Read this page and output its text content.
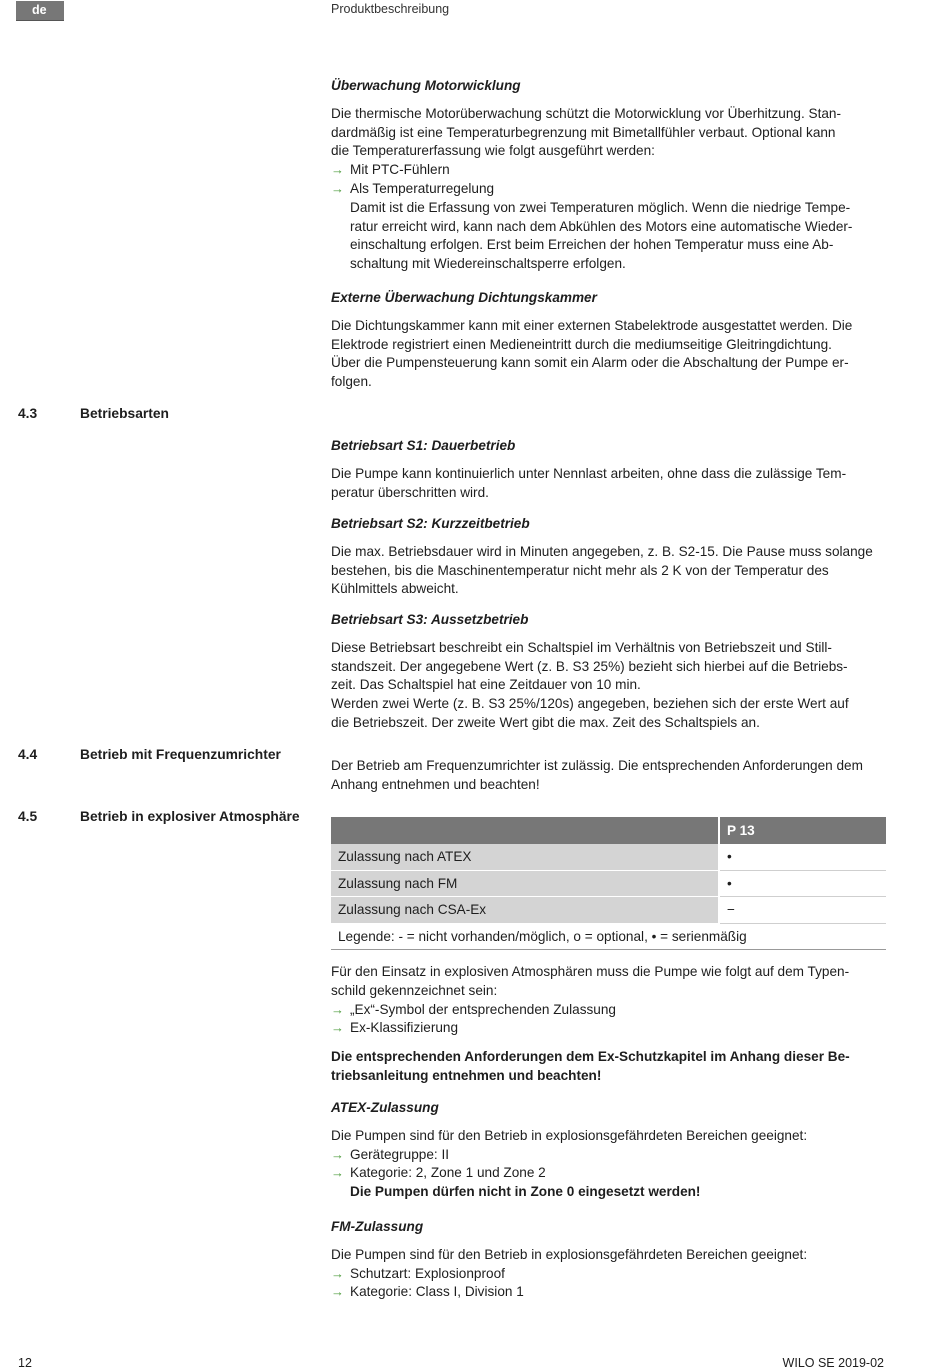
de	Produktbeschreibung
Überwachung Motorwicklung
Die thermische Motorüberwachung schützt die Motorwicklung vor Überhitzung. Stan-
dardmäßig ist eine Temperaturbegrenzung mit Bimetallfühler verbaut. Optional kann
die Temperaturerfassung wie folgt ausgeführt werden:
→ Mit PTC-Fühlern
→ Als Temperaturregelung
Damit ist die Erfassung von zwei Temperaturen möglich. Wenn die niedrige Tempe-
ratur erreicht wird, kann nach dem Abkühlen des Motors eine automatische Wieder-
einschaltung erfolgen. Erst beim Erreichen der hohen Temperatur muss eine Ab-
schaltung mit Wiedereinschaltsperre erfolgen.
Externe Überwachung Dichtungskammer
Die Dichtungskammer kann mit einer externen Stabelektrode ausgestattet werden. Die
Elektrode registriert einen Medieneintritt durch die mediumseitige Gleitringdichtung.
Über die Pumpensteuerung kann somit ein Alarm oder die Abschaltung der Pumpe er-
folgen.
4.3	Betriebsarten
4.4	Betrieb mit Frequenzumrichter
4.5	Betrieb in explosiver Atmosphäre
Betriebsart S1: Dauerbetrieb
Die Pumpe kann kontinuierlich unter Nennlast arbeiten, ohne dass die zulässige Tem-
peratur überschritten wird.
Betriebsart S2: Kurzzeitbetrieb
Die max. Betriebsdauer wird in Minuten angegeben, z. B. S2-15. Die Pause muss solange
bestehen, bis die Maschinentemperatur nicht mehr als 2 K von der Temperatur des
Kühlmittels abweicht.
Betriebsart S3: Aussetzbetrieb
Diese Betriebsart beschreibt ein Schaltspiel im Verhältnis von Betriebszeit und Still-
standszeit. Der angegebene Wert (z. B. S3 25%) bezieht sich hierbei auf die Betriebs-
zeit. Das Schaltspiel hat eine Zeitdauer von 10 min.
Werden zwei Werte (z. B. S3 25%/120s) angegeben, beziehen sich der erste Wert auf
die Betriebszeit. Der zweite Wert gibt die max. Zeit des Schaltspiels an.
Der Betrieb am Frequenzumrichter ist zulässig. Die entsprechenden Anforderungen dem
Anhang entnehmen und beachten!
	P 13
Zulassung nach ATEX	•
Zulassung nach FM	•
Zulassung nach CSA-Ex	−
Legende: - = nicht vorhanden/möglich, o = optional, • = serienmäßig	
Für den Einsatz in explosiven Atmosphären muss die Pumpe wie folgt auf dem Typen-
schild gekennzeichnet sein:
→ „Ex“-Symbol der entsprechenden Zulassung
→ Ex-Klassifizierung
Die entsprechenden Anforderungen dem Ex-Schutzkapitel im Anhang dieser Be-
triebsanleitung entnehmen und beachten!
ATEX-Zulassung
Die Pumpen sind für den Betrieb in explosionsgefährdeten Bereichen geeignet:
→ Gerätegruppe: II
→ Kategorie: 2, Zone 1 und Zone 2
Die Pumpen dürfen nicht in Zone 0 eingesetzt werden!
FM-Zulassung
Die Pumpen sind für den Betrieb in explosionsgefährdeten Bereichen geeignet:
→ Schutzart: Explosionproof
→ Kategorie: Class I, Division 1
12	WILO SE 2019-02
